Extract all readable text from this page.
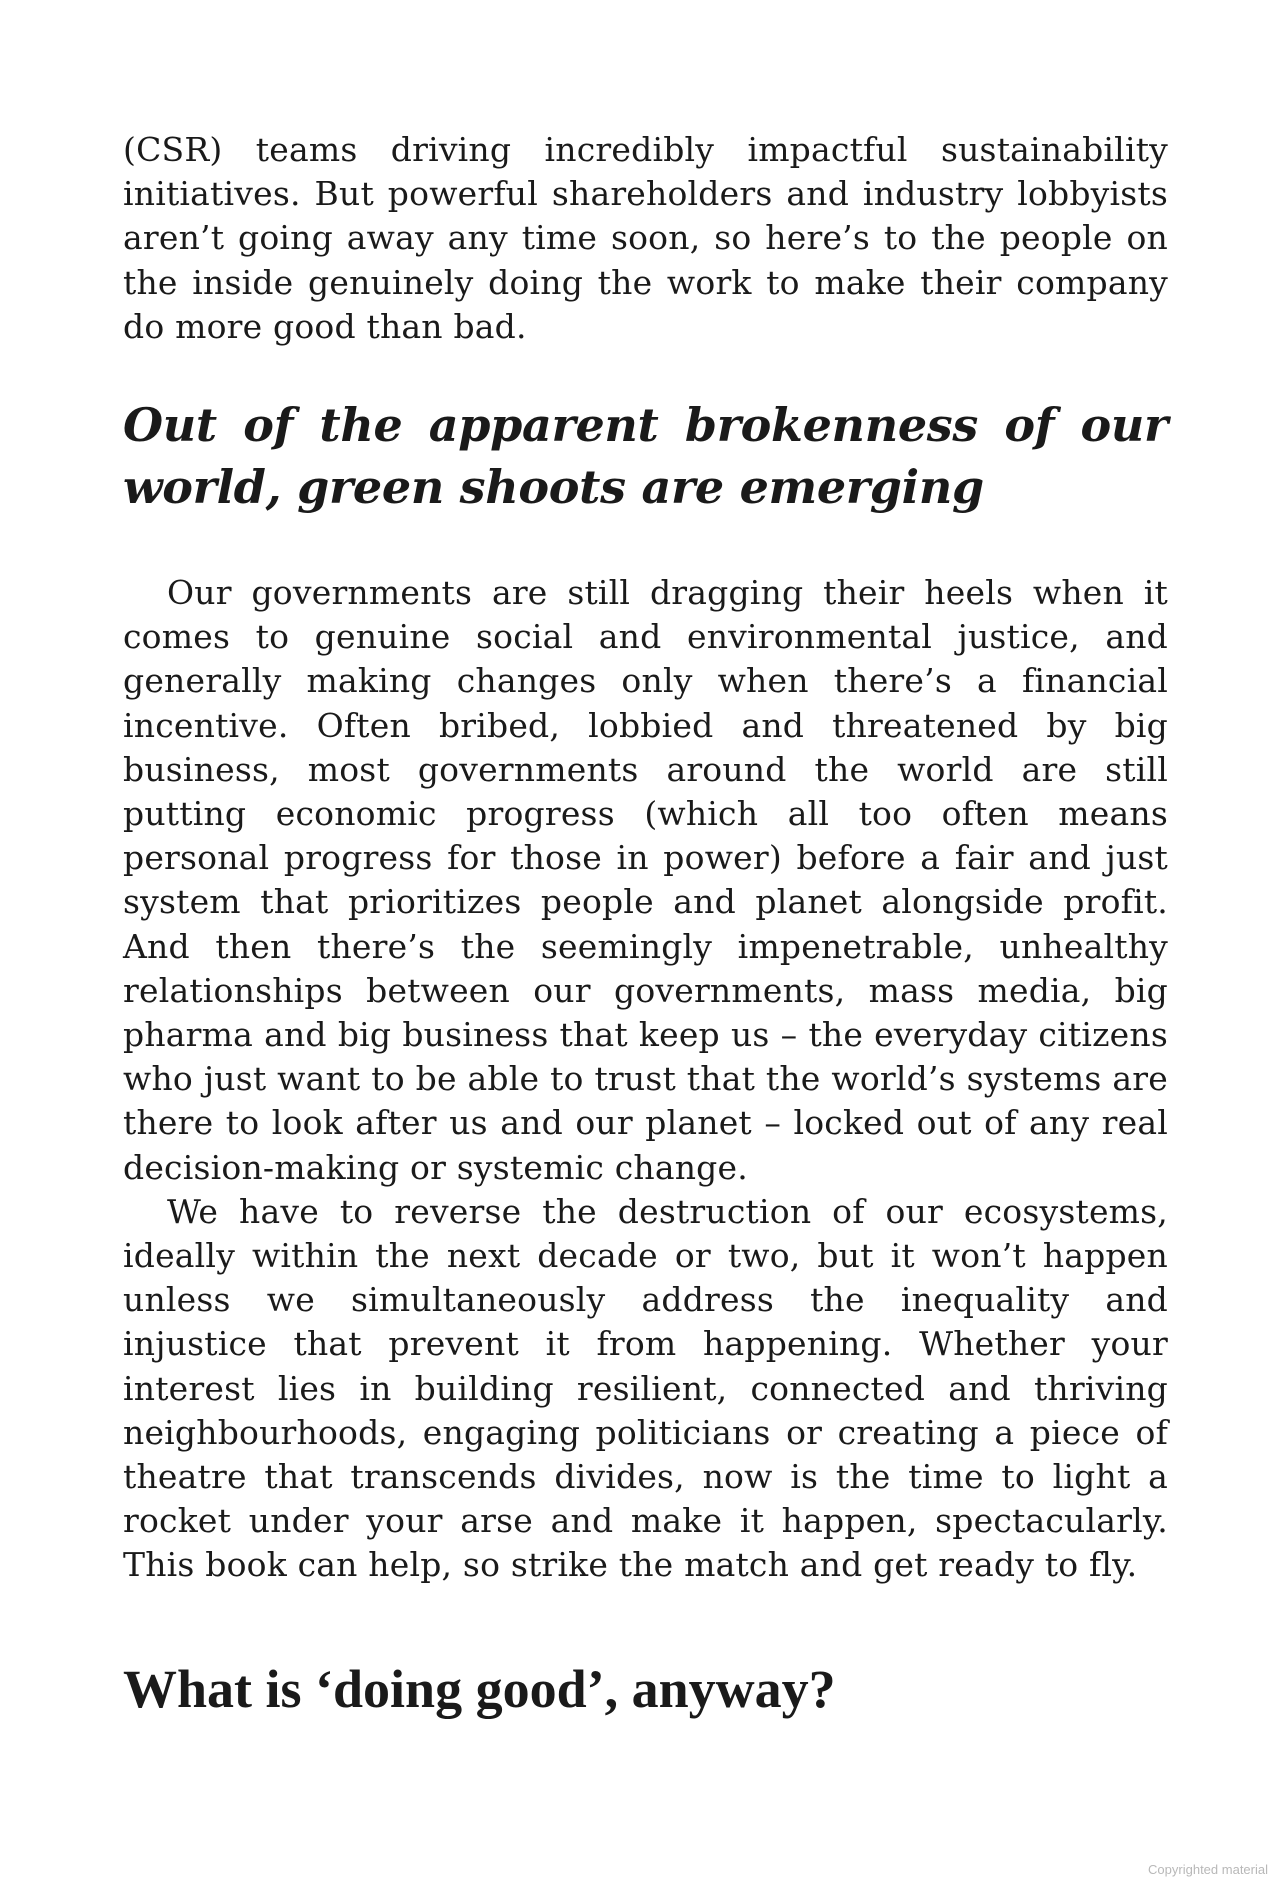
(CSR) teams driving incredibly impactful sustainability initiatives. But powerful shareholders and industry lobbyists aren’t going away any time soon, so here’s to the people on the inside genuinely doing the work to make their company do more good than bad.

Out of the apparent brokenness of our world, green shoots are emerging

Our governments are still dragging their heels when it comes to genuine social and environmental justice, and generally making changes only when there’s a financial incentive. Often bribed, lobbied and threatened by big business, most governments around the world are still putting economic progress (which all too often means personal progress for those in power) before a fair and just system that prioritizes people and planet alongside profit. And then there’s the seemingly impenetrable, unhealthy relationships between our governments, mass media, big pharma and big business that keep us – the everyday citizens who just want to be able to trust that the world’s systems are there to look after us and our planet – locked out of any real decision-making or systemic change.

We have to reverse the destruction of our ecosystems, ideally within the next decade or two, but it won’t happen unless we simultaneously address the inequality and injustice that prevent it from happening. Whether your interest lies in building resilient, connected and thriving neighbourhoods, engaging politicians or creating a piece of theatre that transcends divides, now is the time to light a rocket under your arse and make it happen, spectacularly. This book can help, so strike the match and get ready to fly.

What is ‘doing good’, anyway?
Copyrighted material
